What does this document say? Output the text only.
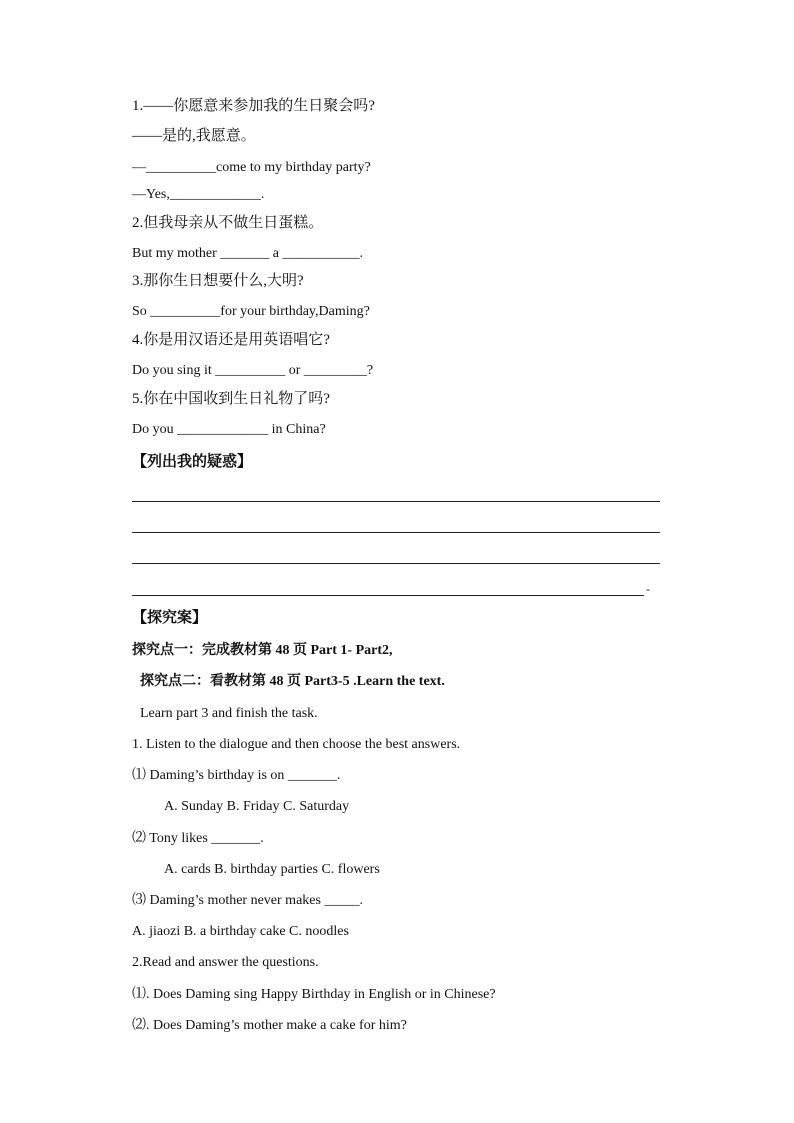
1.——你愿意来参加我的生日聚会吗?
——是的,我愿意。
—__________come to my birthday party?
—Yes,_____________.
2.但我母亲从不做生日蛋糕。
But my mother _______ a ___________.
3.那你生日想要什么,大明?
So __________for your birthday,Daming?
4.你是用汉语还是用英语唱它?
Do you sing it __________ or _________?
5.你在中国收到生日礼物了吗?
Do you _____________ in China?
【列出我的疑惑】
-
【探究案】
探究点一：完成教材第 48 页 Part 1- Part2,
探究点二：看教材第 48 页 Part3-5 .Learn the text.
Learn part 3 and finish the task.
1. Listen to the dialogue and then choose the best answers.
⑴ Daming’s birthday is on _______.
A. Sunday B. Friday C. Saturday
⑵ Tony likes _______.
A. cards B. birthday parties C. flowers
⑶ Daming’s mother never makes _____.
A. jiaozi B. a birthday cake C. noodles
2.Read and answer the questions.
⑴. Does Daming sing Happy Birthday in English or in Chinese?
⑵. Does Daming’s mother make a cake for him?
